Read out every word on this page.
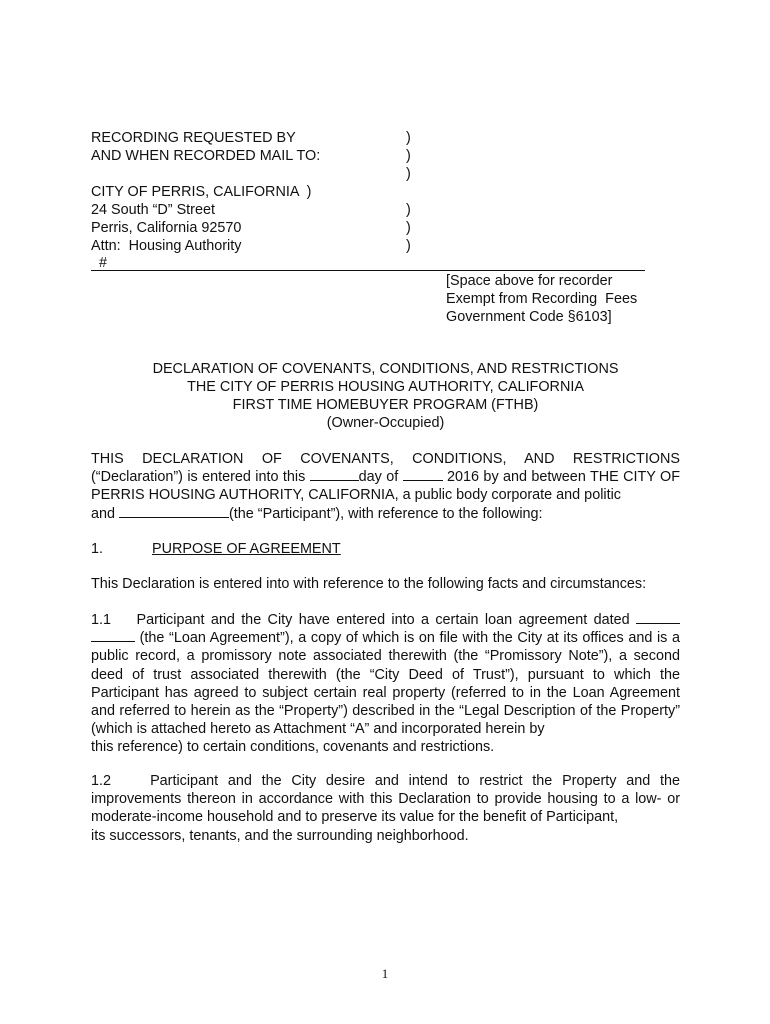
RECORDING REQUESTED BY
AND WHEN RECORDED MAIL TO:
CITY OF PERRIS, CALIFORNIA  )
24 South “D” Street
Perris, California 92570
Attn:  Housing Authority
#
)
)
)
)
)
)
[Space above for recorder
Exempt from Recording  Fees
Government Code §6103]
DECLARATION OF COVENANTS, CONDITIONS, AND RESTRICTIONS
THE CITY OF PERRIS HOUSING AUTHORITY, CALIFORNIA
FIRST TIME HOMEBUYER PROGRAM (FTHB)
(Owner-Occupied)
THIS DECLARATION OF COVENANTS, CONDITIONS, AND RESTRICTIONS (“Declaration”) is entered into this	day of	2016 by and between THE CITY OF PERRIS HOUSING AUTHORITY, CALIFORNIA, a public body corporate and politic
and	(the “Participant”), with reference to the following:
1.	PURPOSE OF AGREEMENT
This Declaration is entered into with reference to the following facts and circumstances:
1.1 Participant and the City have entered into a certain loan agreement dated   (the “Loan Agreement”), a copy of which is on file with the City at its offices and is a public record, a promissory note associated therewith (the “Promissory Note”), a second deed of trust associated therewith (the “City Deed of Trust”), pursuant to which the Participant has agreed to subject certain real property (referred to in the Loan Agreement and referred to herein as the “Property”) described in the “Legal Description of the Property” (which is attached hereto as Attachment “A” and incorporated herein by
this reference) to certain conditions, covenants and restrictions.
1.2	Participant and the City desire and intend to restrict the Property and the improvements thereon in accordance with this Declaration to provide housing to a low- or moderate-income household and to preserve its value for the benefit of Participant,
its successors, tenants, and the surrounding neighborhood.
1
